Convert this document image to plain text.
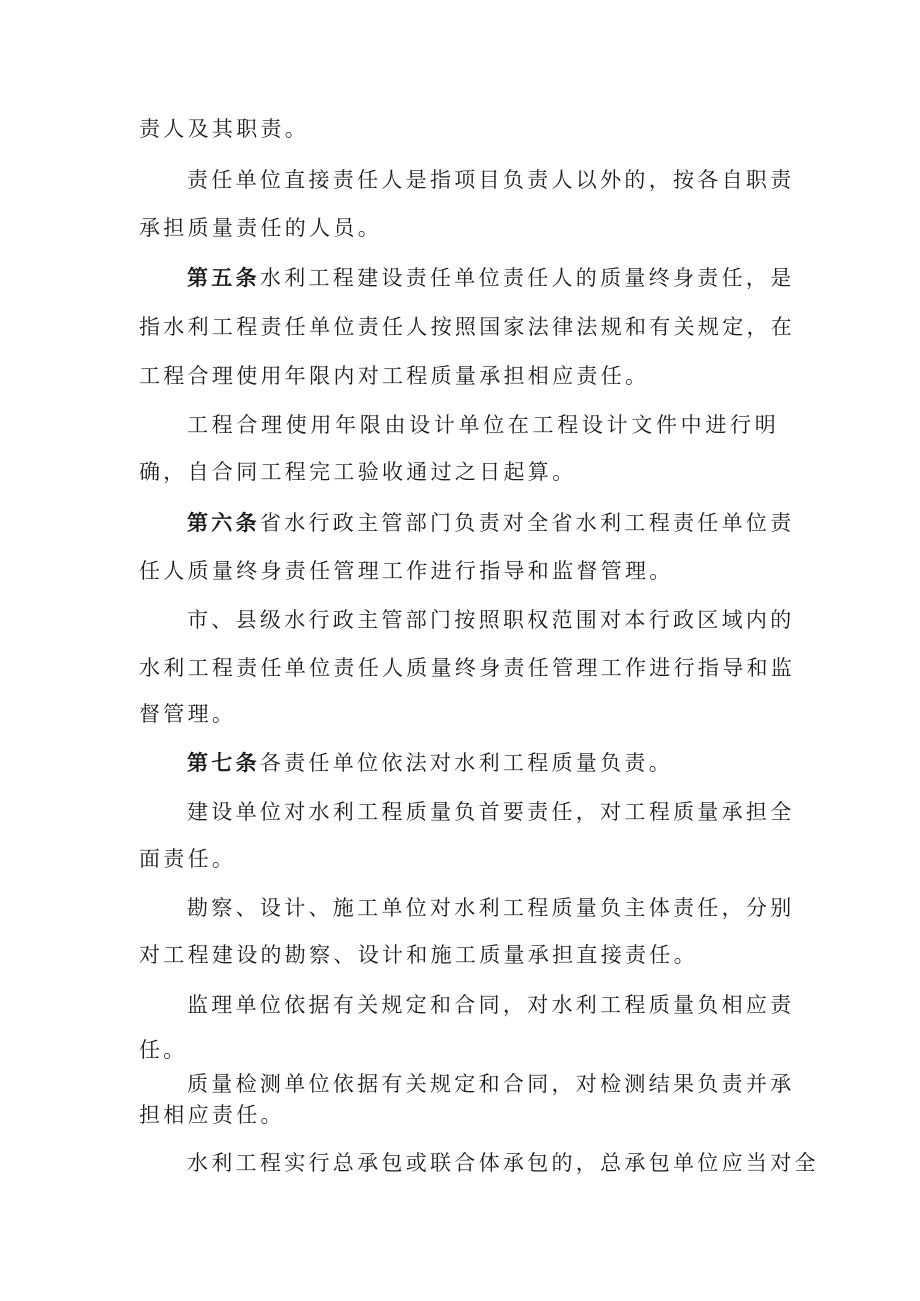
责人及其职责。
责任单位直接责任人是指项目负责人以外的，按各自职责
承担质量责任的人员。
第五条水利工程建设责任单位责任人的质量终身责任，是
指水利工程责任单位责任人按照国家法律法规和有关规定，在
工程合理使用年限内对工程质量承担相应责任。
工程合理使用年限由设计单位在工程设计文件中进行明
确，自合同工程完工验收通过之日起算。
第六条省水行政主管部门负责对全省水利工程责任单位责
任人质量终身责任管理工作进行指导和监督管理。
市、县级水行政主管部门按照职权范围对本行政区域内的
水利工程责任单位责任人质量终身责任管理工作进行指导和监
督管理。
第七条各责任单位依法对水利工程质量负责。
建设单位对水利工程质量负首要责任，对工程质量承担全
面责任。
勘察、设计、施工单位对水利工程质量负主体责任，分别
对工程建设的勘察、设计和施工质量承担直接责任。
监理单位依据有关规定和合同，对水利工程质量负相应责
任。
质量检测单位依据有关规定和合同，对检测结果负责并承
担相应责任。
水利工程实行总承包或联合体承包的，总承包单位应当对全
